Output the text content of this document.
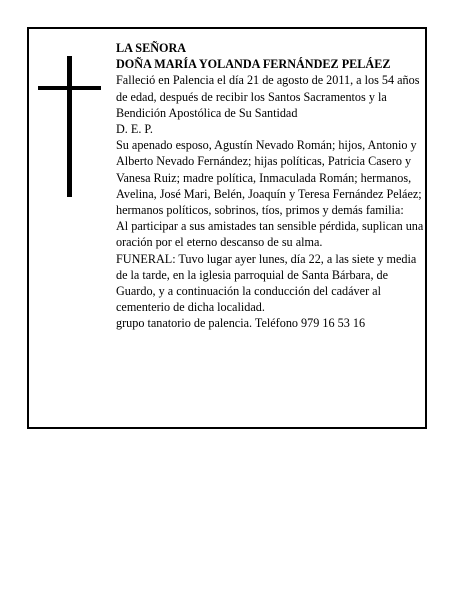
LA SEÑORA

DOÑA MARÍA YOLANDA FERNÁNDEZ PELÁEZ

Falleció en Palencia el día 21 de agosto de 2011, a los 54 años de edad, después de recibir los Santos Sacramentos y la Bendición Apostólica de Su Santidad

D. E. P.

Su apenado esposo, Agustín Nevado Román; hijos, Antonio y Alberto Nevado Fernández; hijas políticas, Patricia Casero y Vanesa Ruiz; madre política, Inmaculada Román; hermanos, Avelina, José Mari, Belén, Joaquín y Teresa Fernández Peláez; hermanos políticos, sobrinos, tíos, primos y demás familia:

Al participar a sus amistades tan sensible pérdida, suplican una oración por el eterno descanso de su alma.

FUNERAL: Tuvo lugar ayer lunes, día 22, a las siete y media de la tarde, en la iglesia parroquial de Santa Bárbara, de Guardo, y a continuación la conducción del cadáver al cementerio de dicha localidad.

grupo tanatorio de palencia. Teléfono 979 16 53 16
